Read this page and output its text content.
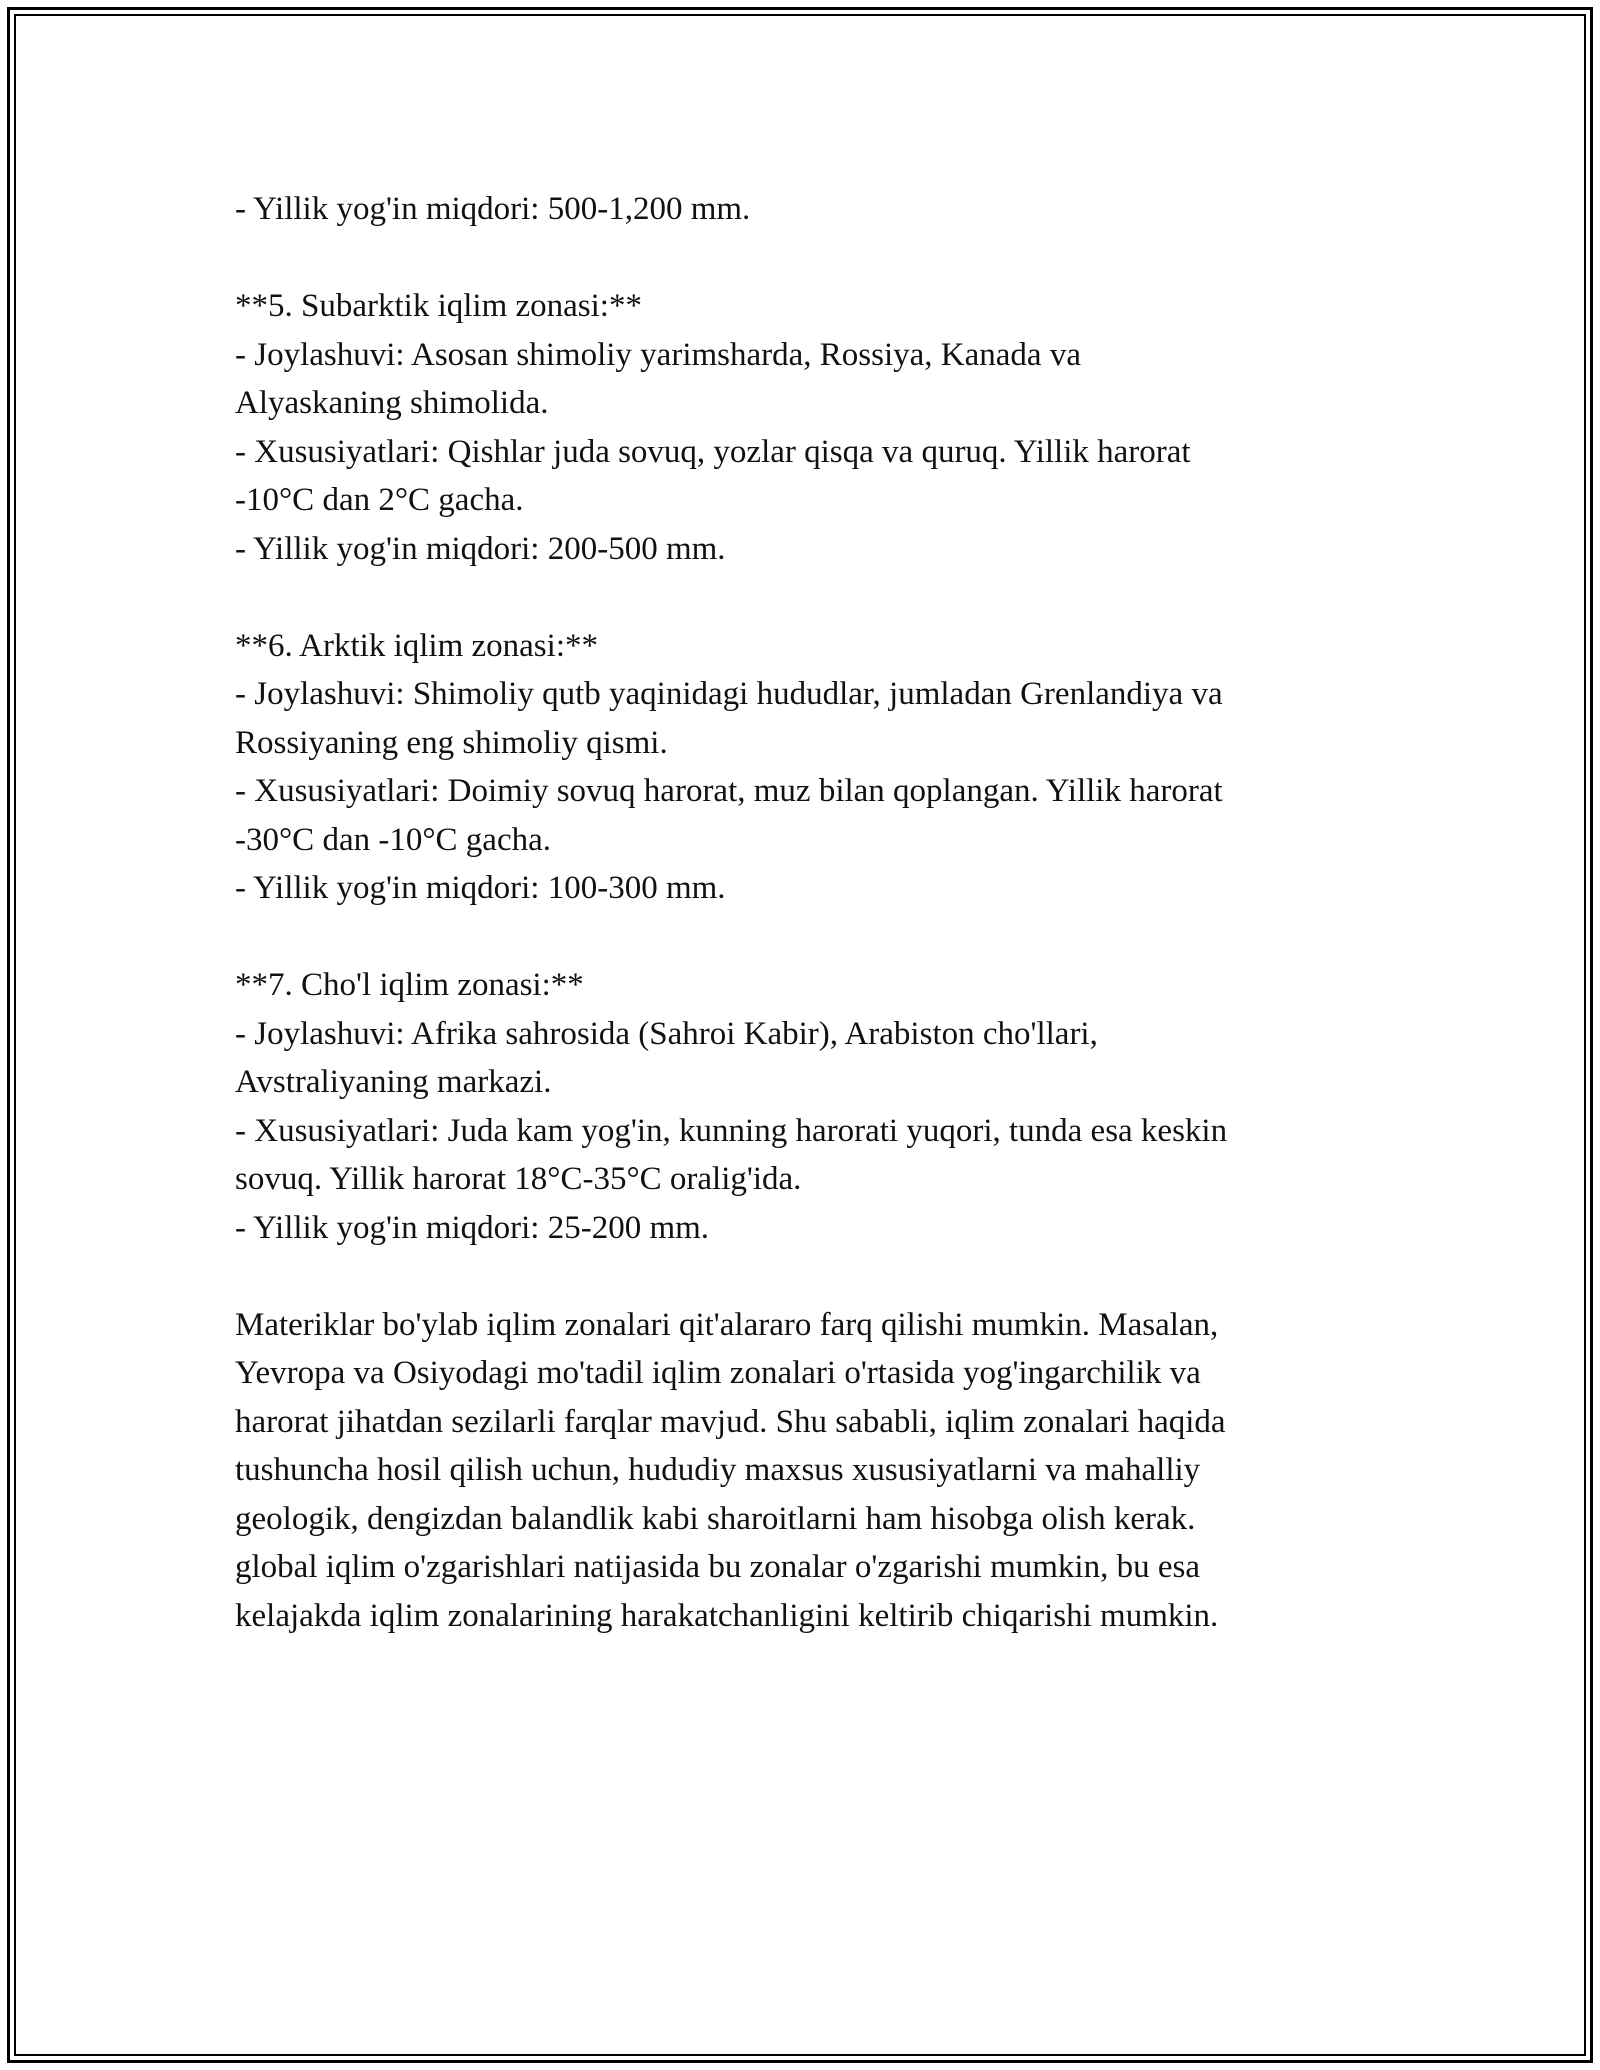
- Yillik yog'in miqdori: 500-1,200 mm.

**5. Subarktik iqlim zonasi:**

- Joylashuvi: Asosan shimoliy yarimsharda, Rossiya, Kanada va

Alyaskaning shimolida.

- Xususiyatlari: Qishlar juda sovuq, yozlar qisqa va quruq. Yillik harorat

-10°C dan 2°C gacha.

- Yillik yog'in miqdori: 200-500 mm.

**6. Arktik iqlim zonasi:**

- Joylashuvi: Shimoliy qutb yaqinidagi hududlar, jumladan Grenlandiya va

Rossiyaning eng shimoliy qismi.

- Xususiyatlari: Doimiy sovuq harorat, muz bilan qoplangan. Yillik harorat

-30°C dan -10°C gacha.

- Yillik yog'in miqdori: 100-300 mm.

**7. Cho'l iqlim zonasi:**

- Joylashuvi: Afrika sahrosida (Sahroi Kabir), Arabiston cho'llari,

Avstraliyaning markazi.

- Xususiyatlari: Juda kam yog'in, kunning harorati yuqori, tunda esa keskin

sovuq. Yillik harorat 18°C-35°C oralig'ida.

- Yillik yog'in miqdori: 25-200 mm.

Materiklar bo'ylab iqlim zonalari qit'alararo farq qilishi mumkin. Masalan,

Yevropa va Osiyodagi mo'tadil iqlim zonalari o'rtasida yog'ingarchilik va

harorat jihatdan sezilarli farqlar mavjud. Shu sababli, iqlim zonalari haqida

tushuncha hosil qilish uchun, hududiy maxsus xususiyatlarni va mahalliy

geologik, dengizdan balandlik kabi sharoitlarni ham hisobga olish kerak.

global iqlim o'zgarishlari natijasida bu zonalar o'zgarishi mumkin, bu esa

kelajakda iqlim zonalarining harakatchanligini keltirib chiqarishi mumkin.
